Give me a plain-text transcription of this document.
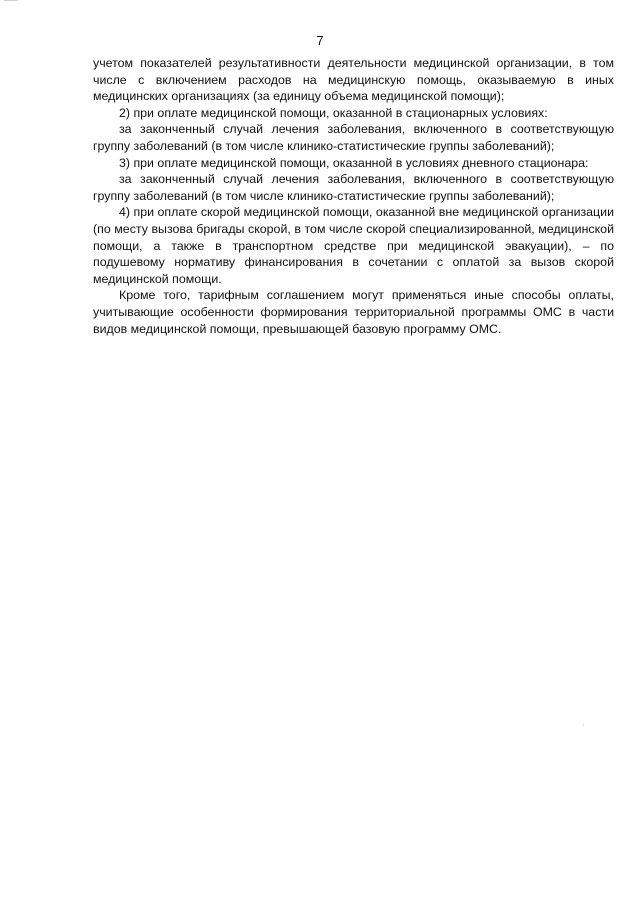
7

учетом показателей результативности деятельности медицинской организации, в том числе с включением расходов на медицинскую помощь, оказываемую в иных медицинских организациях (за единицу объема медицинской помощи);

2) при оплате медицинской помощи, оказанной в стационарных условиях:

за законченный случай лечения заболевания, включенного в соответствующую группу заболеваний (в том числе клинико-статистические группы заболеваний);

3) при оплате медицинской помощи, оказанной в условиях дневного стационара:

за законченный случай лечения заболевания, включенного в соответствующую группу заболеваний (в том числе клинико-статистические группы заболеваний);

4) при оплате скорой медицинской помощи, оказанной вне медицинской организации (по месту вызова бригады скорой, в том числе скорой специализированной, медицинской помощи, а также в транспортном средстве при медицинской эвакуации), – по подушевому нормативу финансирования в сочетании с оплатой за вызов скорой медицинской помощи.

Кроме того, тарифным соглашением могут применяться иные способы оплаты, учитывающие особенности формирования территориальной программы ОМС в части видов медицинской помощи, превышающей базовую программу ОМС.
